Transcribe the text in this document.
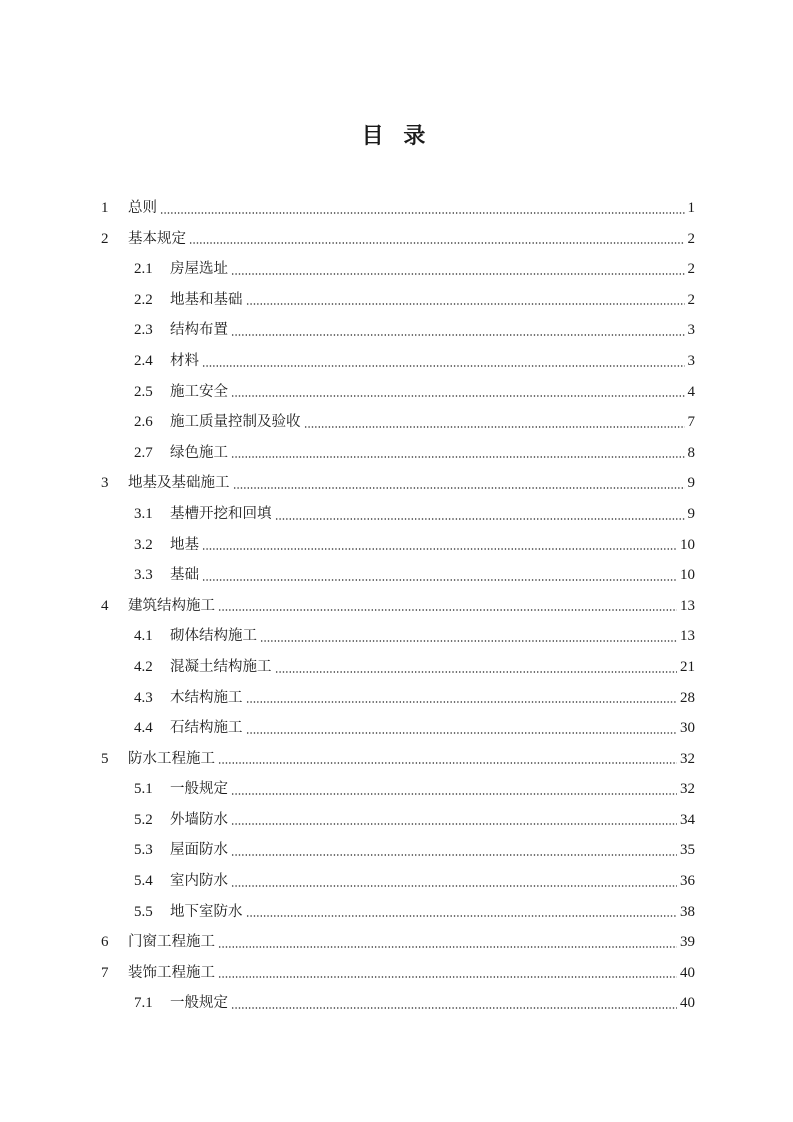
目 录
1 总则	1
2 基本规定	2
2.1 房屋选址	2
2.2 地基和基础	2
2.3 结构布置	3
2.4 材料	3
2.5 施工安全	4
2.6 施工质量控制及验收	7
2.7 绿色施工	8
3 地基及基础施工	9
3.1 基槽开挖和回填	9
3.2 地基	10
3.3 基础	10
4 建筑结构施工	13
4.1 砌体结构施工	13
4.2 混凝土结构施工	21
4.3 木结构施工	28
4.4 石结构施工	30
5 防水工程施工	32
5.1 一般规定	32
5.2 外墙防水	34
5.3 屋面防水	35
5.4 室内防水	36
5.5 地下室防水	38
6 门窗工程施工	39
7 装饰工程施工	40
7.1 一般规定	40
